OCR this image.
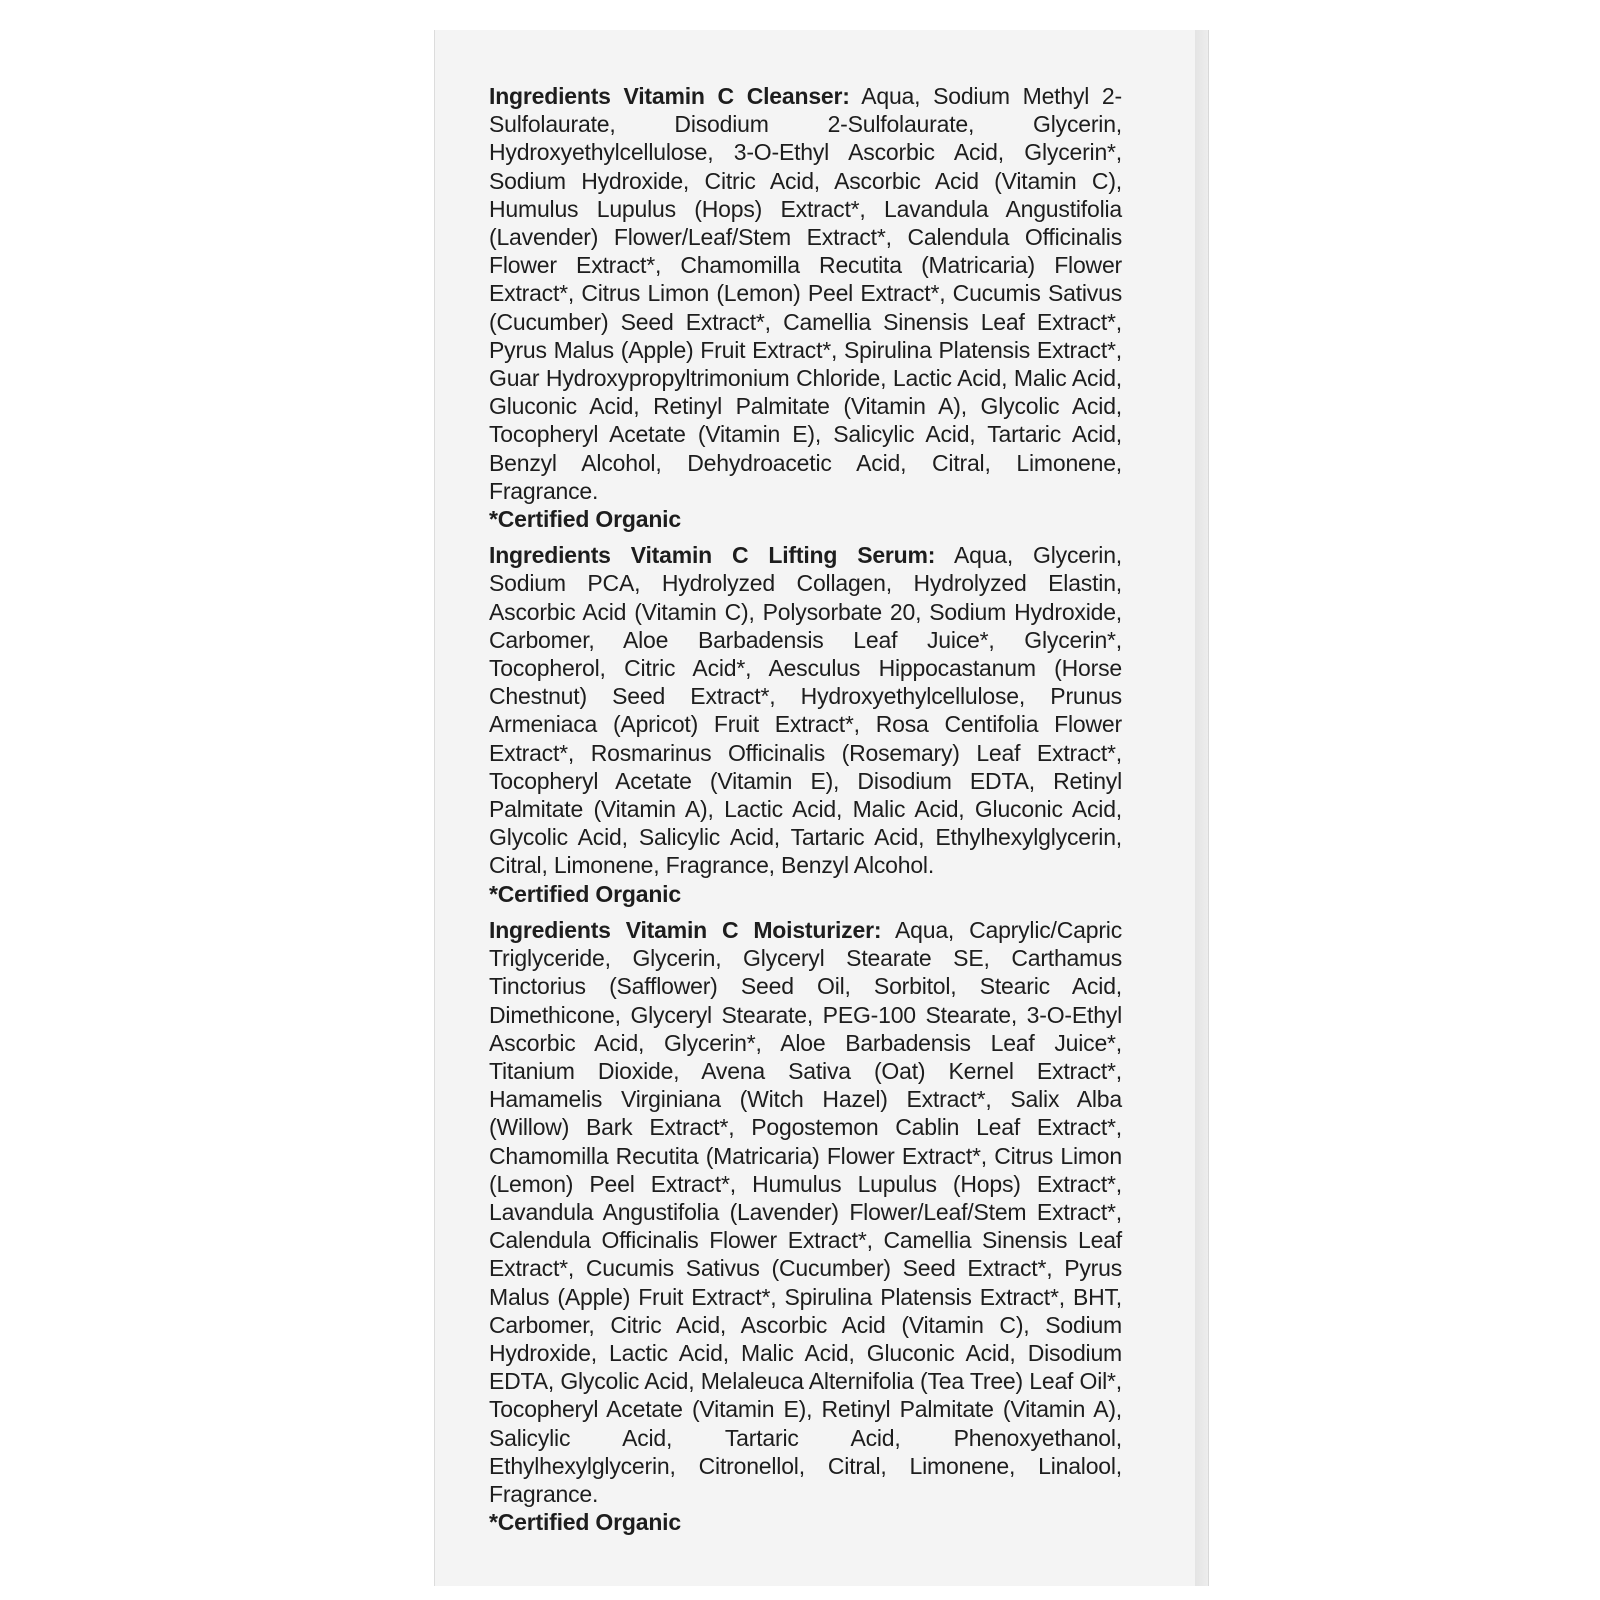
Ingredients Vitamin C Cleanser: Aqua, Sodium Methyl 2-Sulfolaurate, Disodium 2-Sulfolaurate, Glycerin, Hydroxyethylcellulose, 3-O-Ethyl Ascorbic Acid, Glycerin*, Sodium Hydroxide, Citric Acid, Ascorbic Acid (Vitamin C), Humulus Lupulus (Hops) Extract*, Lavandula Angustifolia (Lavender) Flower/Leaf/Stem Extract*, Calendula Officinalis Flower Extract*, Chamomilla Recutita (Matricaria) Flower Extract*, Citrus Limon (Lemon) Peel Extract*, Cucumis Sativus (Cucumber) Seed Extract*, Camellia Sinensis Leaf Extract*, Pyrus Malus (Apple) Fruit Extract*, Spirulina Platensis Extract*, Guar Hydroxypropyltrimonium Chloride, Lactic Acid, Malic Acid, Gluconic Acid, Retinyl Palmitate (Vitamin A), Glycolic Acid, Tocopheryl Acetate (Vitamin E), Salicylic Acid, Tartaric Acid, Benzyl Alcohol, Dehydroacetic Acid, Citral, Limonene, Fragrance.

*Certified Organic

Ingredients Vitamin C Lifting Serum: Aqua, Glycerin, Sodium PCA, Hydrolyzed Collagen, Hydrolyzed Elastin, Ascorbic Acid (Vitamin C), Polysorbate 20, Sodium Hydroxide, Carbomer, Aloe Barbadensis Leaf Juice*, Glycerin*, Tocopherol, Citric Acid*, Aesculus Hippocastanum (Horse Chestnut) Seed Extract*, Hydroxyethylcellulose, Prunus Armeniaca (Apricot) Fruit Extract*, Rosa Centifolia Flower Extract*, Rosmarinus Officinalis (Rosemary) Leaf Extract*, Tocopheryl Acetate (Vitamin E), Disodium EDTA, Retinyl Palmitate (Vitamin A), Lactic Acid, Malic Acid, Gluconic Acid, Glycolic Acid, Salicylic Acid, Tartaric Acid, Ethylhexylglycerin, Citral, Limonene, Fragrance, Benzyl Alcohol.

*Certified Organic

Ingredients Vitamin C Moisturizer: Aqua, Caprylic/Capric Triglyceride, Glycerin, Glyceryl Stearate SE, Carthamus Tinctorius (Safflower) Seed Oil, Sorbitol, Stearic Acid, Dimethicone, Glyceryl Stearate, PEG-100 Stearate, 3-O-Ethyl Ascorbic Acid, Glycerin*, Aloe Barbadensis Leaf Juice*, Titanium Dioxide, Avena Sativa (Oat) Kernel Extract*, Hamamelis Virginiana (Witch Hazel) Extract*, Salix Alba (Willow) Bark Extract*, Pogostemon Cablin Leaf Extract*, Chamomilla Recutita (Matricaria) Flower Extract*, Citrus Limon (Lemon) Peel Extract*, Humulus Lupulus (Hops) Extract*, Lavandula Angustifolia (Lavender) Flower/Leaf/Stem Extract*, Calendula Officinalis Flower Extract*, Camellia Sinensis Leaf Extract*, Cucumis Sativus (Cucumber) Seed Extract*, Pyrus Malus (Apple) Fruit Extract*, Spirulina Platensis Extract*, BHT, Carbomer, Citric Acid, Ascorbic Acid (Vitamin C), Sodium Hydroxide, Lactic Acid, Malic Acid, Gluconic Acid, Disodium EDTA, Glycolic Acid, Melaleuca Alternifolia (Tea Tree) Leaf Oil*, Tocopheryl Acetate (Vitamin E), Retinyl Palmitate (Vitamin A), Salicylic Acid, Tartaric Acid, Phenoxyethanol, Ethylhexylglycerin, Citronellol, Citral, Limonene, Linalool, Fragrance.

*Certified Organic
